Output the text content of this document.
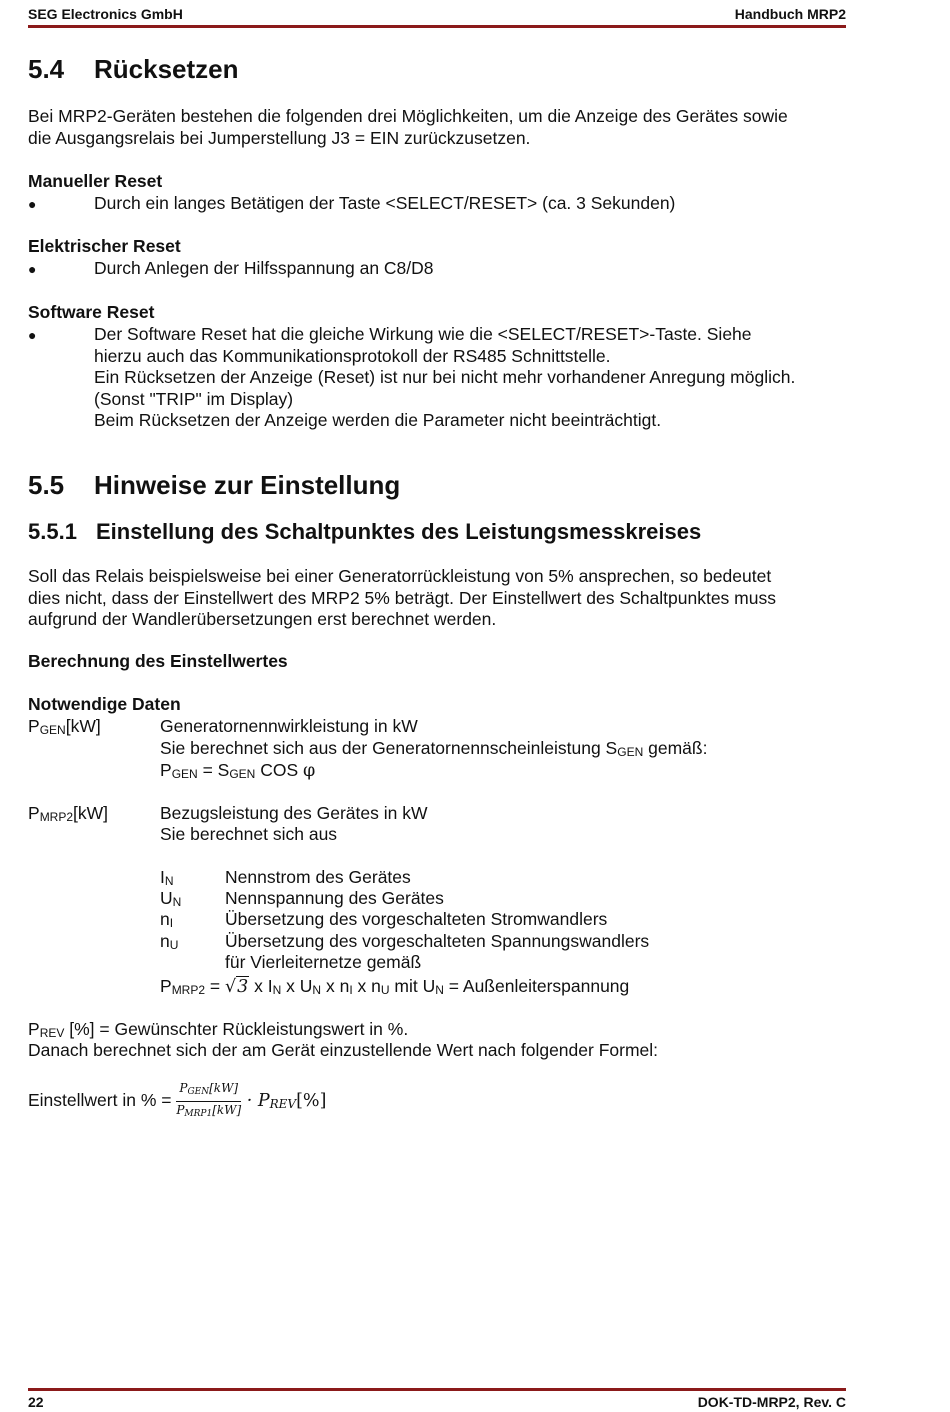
SEG Electronics GmbH	Handbuch MRP2
5.4 Rücksetzen
Bei MRP2-Geräten bestehen die folgenden drei Möglichkeiten, um die Anzeige des Gerätes sowie
die Ausgangsrelais bei Jumperstellung J3 = EIN zurückzusetzen.
Manueller Reset
●	Durch ein langes Betätigen der Taste <SELECT/RESET> (ca. 3 Sekunden)
Elektrischer Reset
●	Durch Anlegen der Hilfsspannung an C8/D8
Software Reset
●	Der Software Reset hat die gleiche Wirkung wie die <SELECT/RESET>-Taste. Siehe
hierzu auch das Kommunikationsprotokoll der RS485 Schnittstelle.
Ein Rücksetzen der Anzeige (Reset) ist nur bei nicht mehr vorhandener Anregung möglich.
(Sonst "TRIP" im Display)
Beim Rücksetzen der Anzeige werden die Parameter nicht beeinträchtigt.
5.5 Hinweise zur Einstellung
5.5.1 Einstellung des Schaltpunktes des Leistungsmesskreises
Soll das Relais beispielsweise bei einer Generatorrückleistung von 5% ansprechen, so bedeutet
dies nicht, dass der Einstellwert des MRP2 5% beträgt. Der Einstellwert des Schaltpunktes muss
aufgrund der Wandlerübersetzungen erst berechnet werden.
Berechnung des Einstellwertes
Notwendige Daten
$P_{GEN}[kW]$	Generatornennwirkleistung in kW
Sie berechnet sich aus der Generatornennscheinleistung $S_{GEN}$ gemäß:
$P_{GEN} = S_{GEN}$ COS φ
$P_{MRP2}[kW]$	Bezugsleistung des Gerätes in kW
Sie berechnet sich aus
$I_N$	Nennstrom des Gerätes
$U_N$ Nennspannung des Gerätes
$n_I$	Übersetzung des vorgeschalteten Stromwandlers
$n_U$	Übersetzung des vorgeschalteten Spannungswandlers
für Vierleiternetze gemäß
$P_{MRP2} = √3$ x $I_N$ x $U_N$ x $n_I$ x $n_U$ mit $U_N$ = Außenleiterspannung
$P_{REV}$ [%] = Gewünschter Rückleistungswert in %.
Danach berechnet sich der am Gerät einzustellende Wert nach folgender Formel:
Einstellwert in % = $\frac{P_{GEN}[kW]}{P_{MRP1}[kW]} \cdot P_{REV}[\%]$
22	DOK-TD-MRP2, Rev. C
